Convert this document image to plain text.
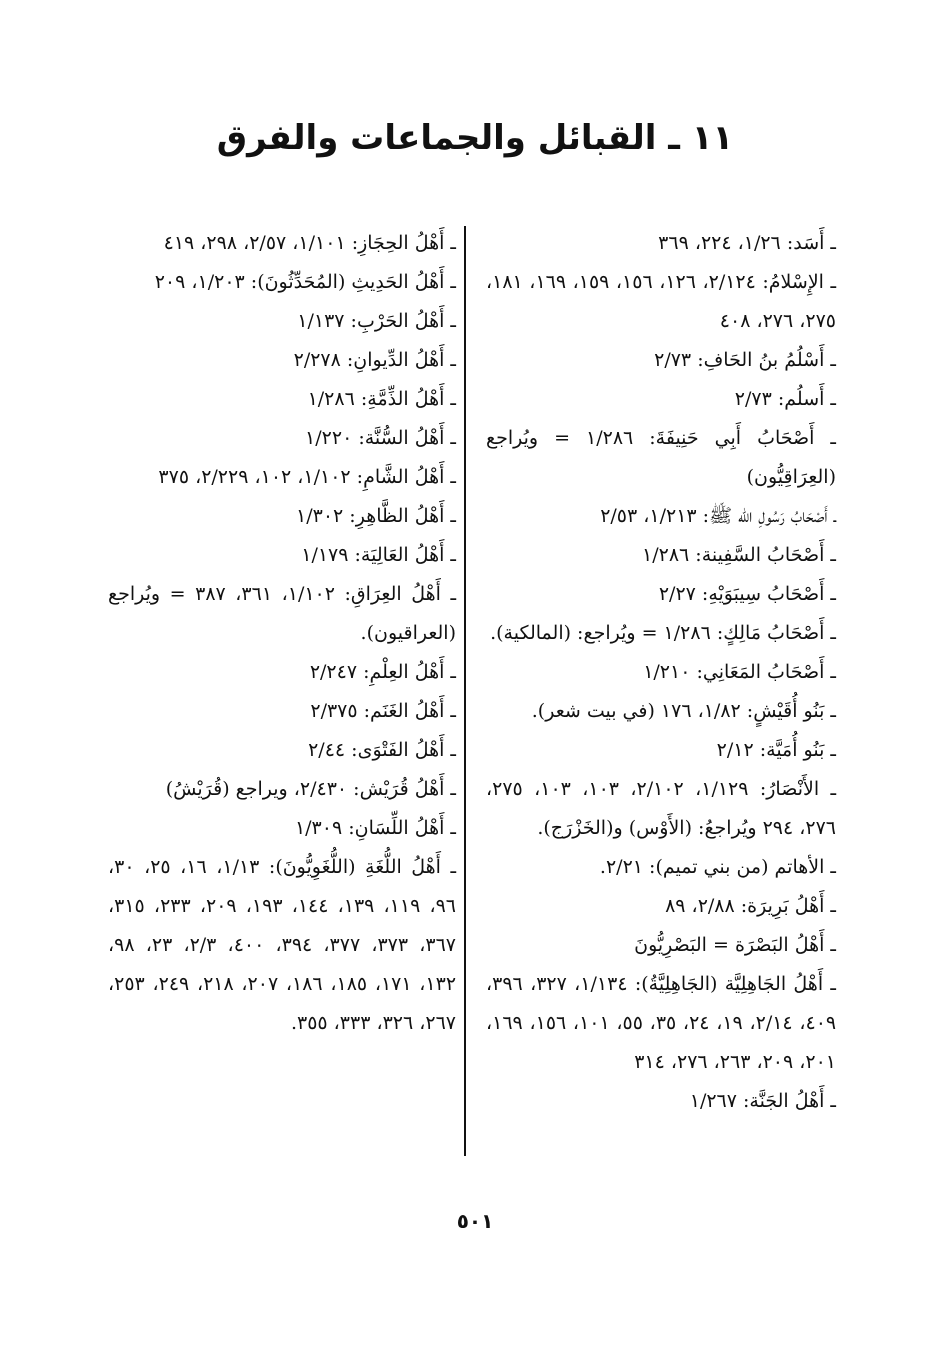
١١ ـ القبائل والجماعات والفرق
ـ أَسَد: ١/٢٦، ٢٢٤، ٣٦٩
ـ الإِسْلامُ: ٢/١٢٤، ١٢٦، ١٥٦، ١٥٩، ١٦٩، ١٨١، ٢٧٥، ٢٧٦، ٤٠٨
ـ أَسْلُمُ بنُ الحَافِ: ٢/٧٣
ـ أَسلُم: ٢/٧٣
ـ أَصْحَابُ أَبِي حَنِيفَةَ: ١/٢٨٦ = ويُراجع (العِرَاقِيُّون)
ـ أَصْحَابُ رَسُولِ الله ﷺ: ١/٢١٣، ٢/٥٣
ـ أَصْحَابُ السَّفِينة: ١/٢٨٦
ـ أَصْحَابُ سِيبَوَيْهِ: ٢/٢٧
ـ أَصْحَابُ مَالِكٍ: ١/٢٨٦ = ويُراجع: (المالكية).
ـ أَصْحَابُ المَعَانِي: ١/٢١٠
ـ بَنُو أُقَيْشٍ: ١/٨٢، ١٧٦ (في بيت شعر).
ـ بَنُو أُمَيَّة: ٢/١٢
ـ الأَنْصَارُ: ١/١٢٩، ٢/١٠٢، ١٠٣، ١٠٣، ٢٧٥، ٢٧٦، ٢٩٤ ويُراجعُ: (الأَوْس) و(الخَزْرَج).
ـ الأهاتم (من بني تميم): ٢/٢١.
ـ أَهْلُ بَرِيرَة: ٢/٨٨، ٨٩
ـ أَهْلُ البَصْرَة = البَصْرِيُّونَ
ـ أَهْلُ الجَاهِلِيَّة (الجَاهِلِيَّةُ): ١/١٣٤، ٣٢٧، ٣٩٦، ٤٠٩، ٢/١٤، ١٩، ٢٤، ٣٥، ٥٥، ١٠١، ١٥٦، ١٦٩، ٢٠١، ٢٠٩، ٢٦٣، ٢٧٦، ٣١٤
ـ أَهْلُ الجَنَّة: ١/٢٦٧
ـ أَهْلُ الحِجَازِ: ١/١٠١، ٢/٥٧، ٢٩٨، ٤١٩
ـ أَهْلُ الحَدِيثِ (المُحَدِّثُونَ): ١/٢٠٣، ٢٠٩
ـ أَهْلُ الحَرْبِ: ١/١٣٧
ـ أَهْلُ الدِّيوانِ: ٢/٢٧٨
ـ أَهْلُ الذِّمَّةِ: ١/٢٨٦
ـ أَهْلُ السُّنَّة: ١/٢٢٠
ـ أَهْلُ الشَّامِ: ١/١٠٢، ١٠٢، ٢/٢٢٩، ٣٧٥
ـ أَهْلُ الظَّاهِرِ: ١/٣٠٢
ـ أَهْلُ العَالِيَة: ١/١٧٩
ـ أَهْلُ العِرَاقِ: ١/١٠٢، ٣٦١، ٣٨٧ = ويُراجع (العراقيون).
ـ أَهْلُ العِلْمِ: ٢/٢٤٧
ـ أَهْلُ الغَنَم: ٢/٣٧٥
ـ أَهْلُ الفَتْوَى: ٢/٤٤
ـ أَهْلُ قُرَيْش: ٢/٤٣٠، ويراجع (قُرَيْشُ)
ـ أَهْلُ اللِّسَانِ: ١/٣٠٩
ـ أَهْلُ اللُّغَةِ (اللُّغَوِيُّونَ): ١/١٣، ١٦، ٢٥، ٣٠، ٩٦، ١١٩، ١٣٩، ١٤٤، ١٩٣، ٢٠٩، ٢٣٣، ٣١٥، ٣٦٧، ٣٧٣، ٣٧٧، ٣٩٤، ٤٠٠، ٢/٣، ٢٣، ٩٨، ١٣٢، ١٧١، ١٨٥، ١٨٦، ٢٠٧، ٢١٨، ٢٤٩، ٢٥٣، ٢٦٧، ٣٢٦، ٣٣٣، ٣٥٥.
٥٠١
